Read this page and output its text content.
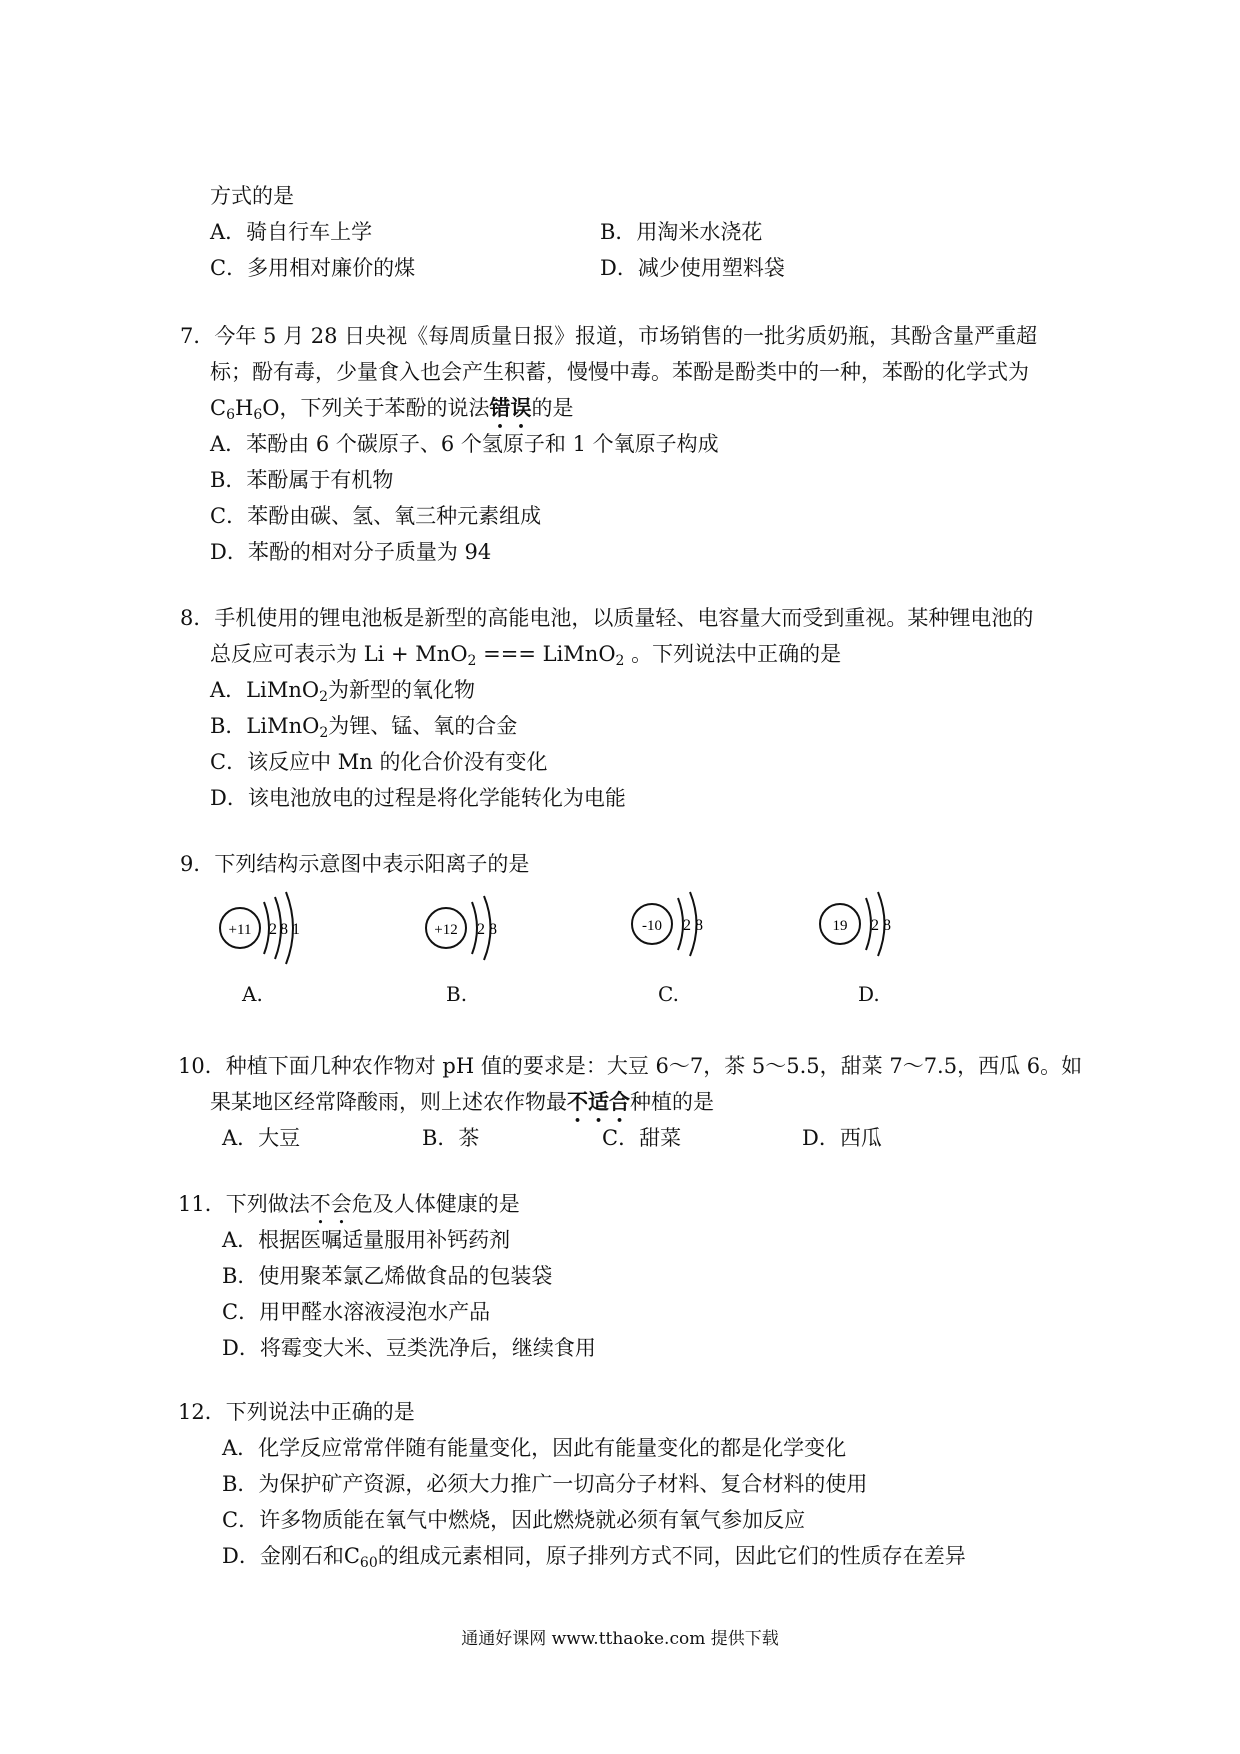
方式的是
A．骑自行车上学	B．用淘米水浇花
C．多用相对廉价的煤	D．减少使用塑料袋
7．今年 5 月 28 日央视《每周质量日报》报道，市场销售的一批劣质奶瓶，其酚含量严重超
标；酚有毒，少量食入也会产生积蓄，慢慢中毒。苯酚是酚类中的一种，苯酚的化学式为
$C_6H_6O$，下列关于苯酚的说法错误的是
A．苯酚由 6 个碳原子、6 个氢原子和 1 个氧原子构成
B．苯酚属于有机物
C．苯酚由碳、氢、氧三种元素组成
D．苯酚的相对分子质量为 94
8．手机使用的锂电池板是新型的高能电池，以质量轻、电容量大而受到重视。某种锂电池的
总反应可表示为 Li + MnO$_2$ === LiMnO$_2$ 。下列说法中正确的是
A．LiMnO$_2$为新型的氧化物
B．LiMnO$_2$为锂、锰、氧的合金
C．该反应中 Mn 的化合价没有变化
D．该电池放电的过程是将化学能转化为电能
9．下列结构示意图中表示阳离子的是
+11 2 8 1
A.
+12 2 8
B.
-10 2 8
C.
19 2 8
D.
10．种植下面几种农作物对 pH 值的要求是：大豆 6～7，茶 5～5.5，甜菜 7～7.5，西瓜 6。如
果某地区经常降酸雨，则上述农作物最不适合种植的是
A．大豆	B．茶	C．甜菜	D．西瓜
11．下列做法不会危及人体健康的是
A．根据医嘱适量服用补钙药剂
B．使用聚苯氯乙烯做食品的包装袋
C．用甲醛水溶液浸泡水产品
D．将霉变大米、豆类洗净后，继续食用
12．下列说法中正确的是
A．化学反应常常伴随有能量变化，因此有能量变化的都是化学变化
B．为保护矿产资源，必须大力推广一切高分子材料、复合材料的使用
C．许多物质能在氧气中燃烧，因此燃烧就必须有氧气参加反应
D．金刚石和$C_{60}$的组成元素相同，原子排列方式不同，因此它们的性质存在差异
通通好课网 www.tthaoke.com 提供下载
